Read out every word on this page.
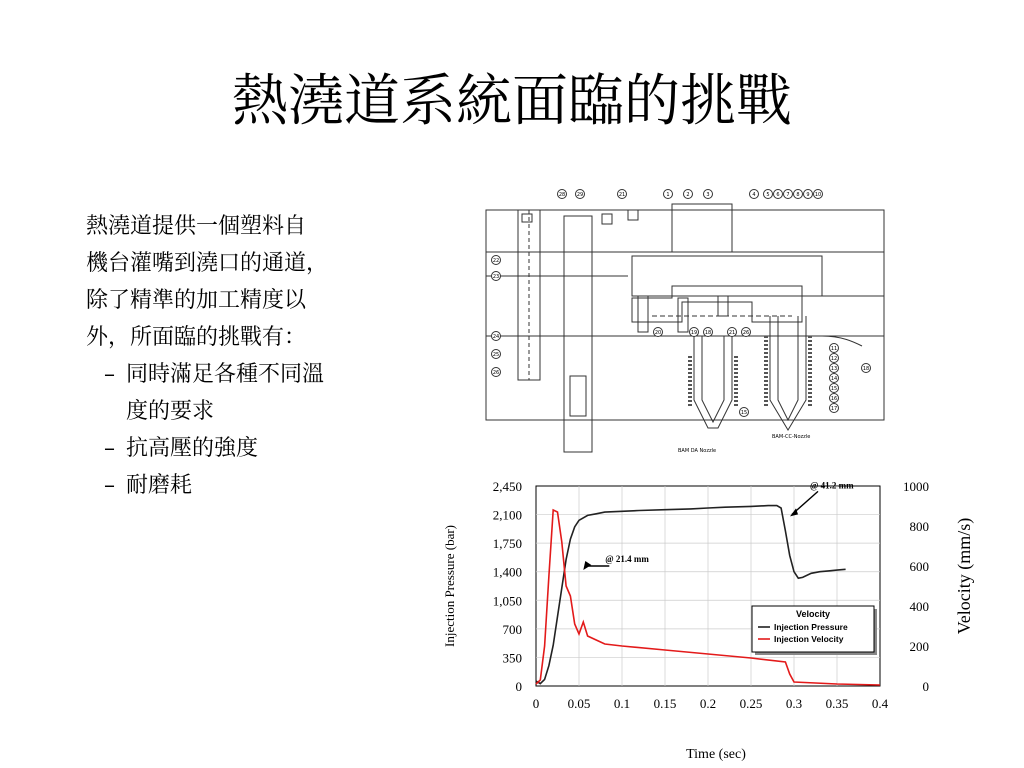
熱澆道系統面臨的挑戰
熱澆道提供一個塑料自
機台灌嘴到澆口的通道，
除了精準的加工精度以
外，所面臨的挑戰有：
– 同時滿足各種不同溫
度的要求
– 抗高壓的強度
– 耐磨耗
28 29	21	1	2	3	4 5 6 7 8 9 10
22
23
24
25
26
20	19 18	21 26
11
12
13
14
15
16
17
18
15
BAM DA Nozzle
BAM-CC-Nozzle
0
350
700
1,050
1,400
1,750
2,100
2,450
0
200
400
600
800
1000
0 0.05 0.1 0.15 0.2 0.25 0.3 0.35 0.4
Injection Pressure (bar)	Velocity (mm/s)
Time (sec)
@ 41.2 mm
@ 21.4 mm
Velocity
Injection Pressure
Injection Velocity
